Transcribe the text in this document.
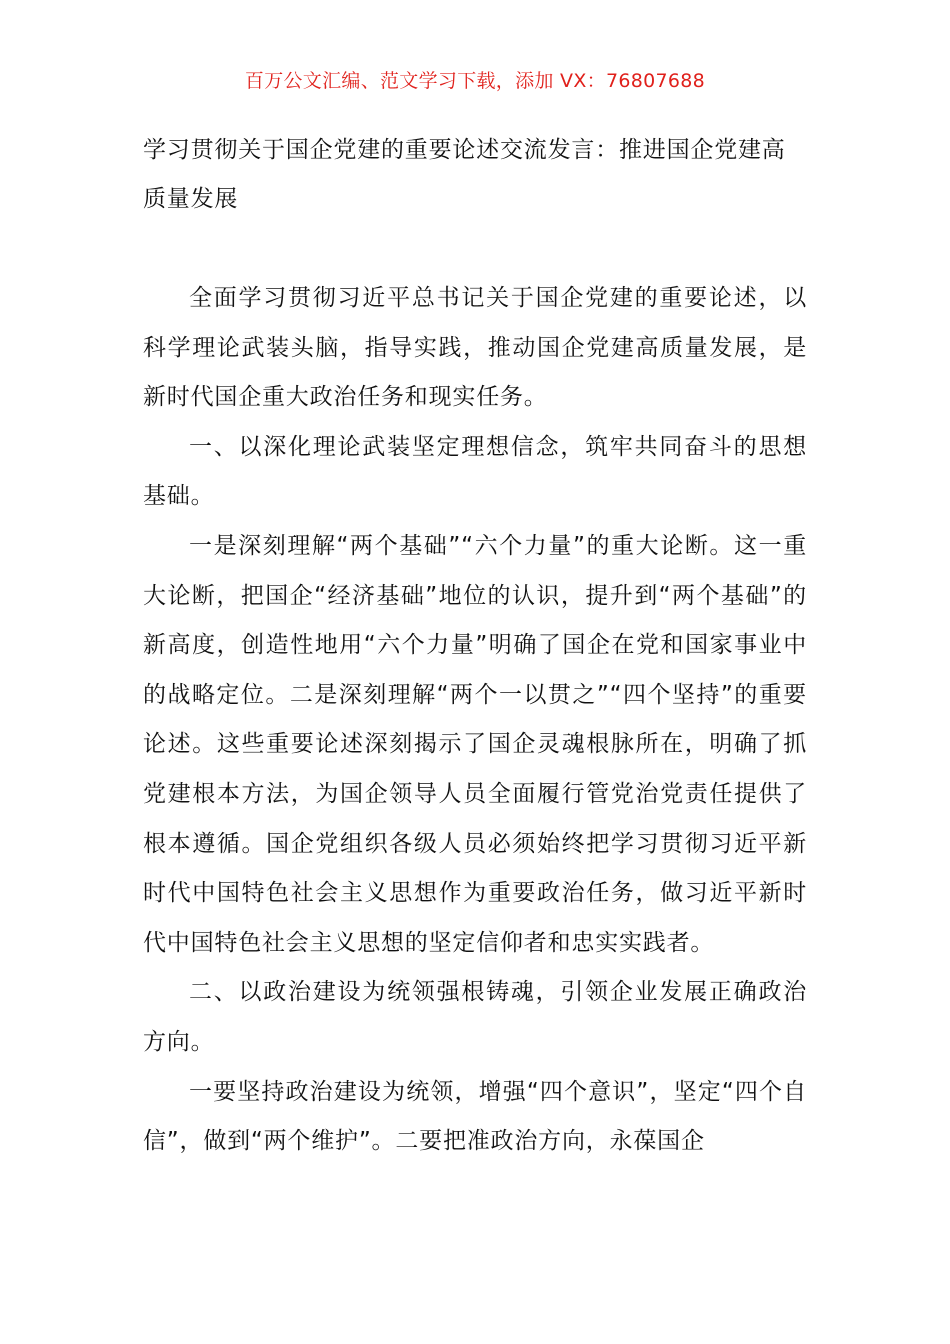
百万公文汇编、范文学习下载，添加 VX：76807688
学习贯彻关于国企党建的重要论述交流发言：推进国企党建高质量发展

全面学习贯彻习近平总书记关于国企党建的重要论述，以科学理论武装头脑，指导实践，推动国企党建高质量发展，是新时代国企重大政治任务和现实任务。

一、以深化理论武装坚定理想信念，筑牢共同奋斗的思想基础。

一是深刻理解“两个基础”“六个力量”的重大论断。这一重大论断，把国企“经济基础”地位的认识，提升到“两个基础”的新高度，创造性地用“六个力量”明确了国企在党和国家事业中的战略定位。二是深刻理解“两个一以贯之”“四个坚持”的重要论述。这些重要论述深刻揭示了国企灵魂根脉所在，明确了抓党建根本方法，为国企领导人员全面履行管党治党责任提供了根本遵循。国企党组织各级人员必须始终把学习贯彻习近平新时代中国特色社会主义思想作为重要政治任务，做习近平新时代中国特色社会主义思想的坚定信仰者和忠实实践者。

二、以政治建设为统领强根铸魂，引领企业发展正确政治方向。

一要坚持政治建设为统领，增强“四个意识”，坚定“四个自信”，做到“两个维护”。二要把准政治方向，永葆国企
